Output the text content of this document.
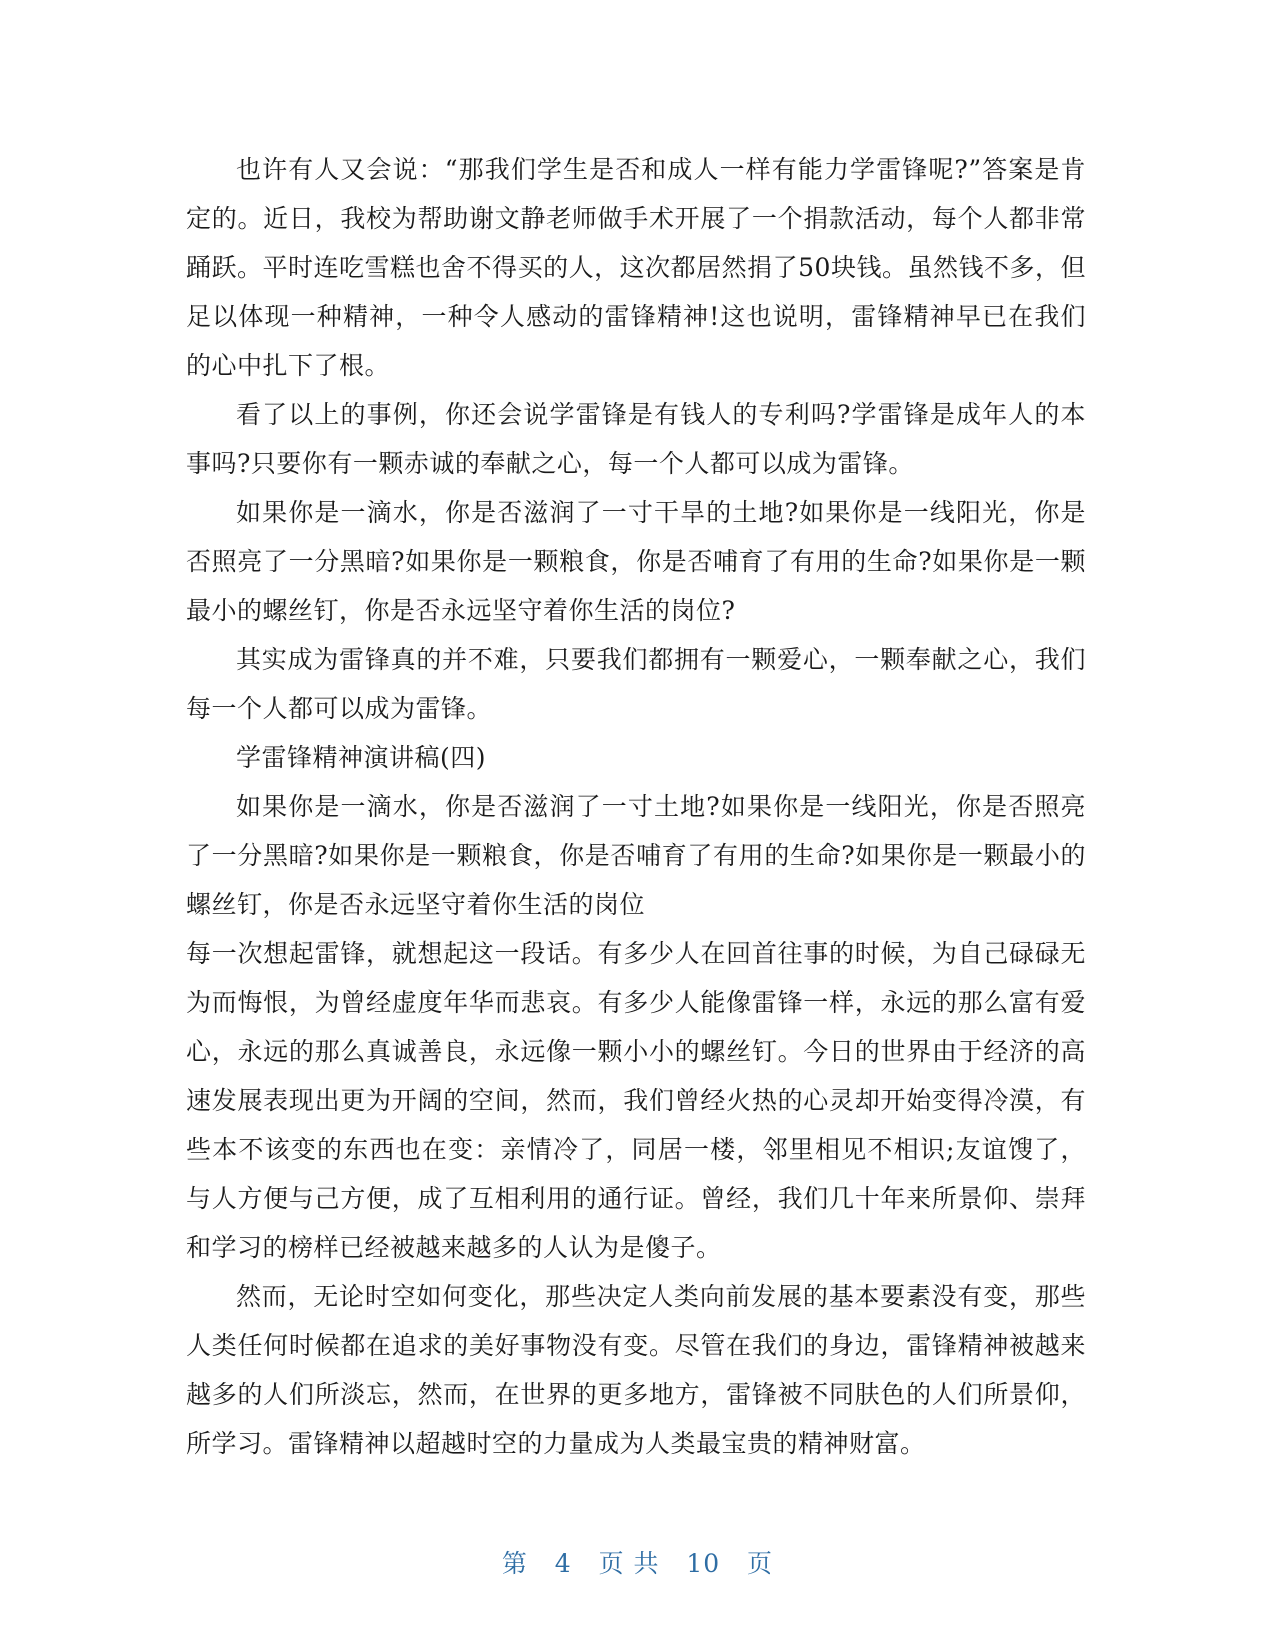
也许有人又会说：“那我们学生是否和成人一样有能力学雷锋呢?”答案是肯定的。近日，我校为帮助谢文静老师做手术开展了一个捐款活动，每个人都非常踊跃。平时连吃雪糕也舍不得买的人，这次都居然捐了50块钱。虽然钱不多，但足以体现一种精神，一种令人感动的雷锋精神!这也说明，雷锋精神早已在我们的心中扎下了根。

看了以上的事例，你还会说学雷锋是有钱人的专利吗?学雷锋是成年人的本事吗?只要你有一颗赤诚的奉献之心，每一个人都可以成为雷锋。

如果你是一滴水，你是否滋润了一寸干旱的土地?如果你是一线阳光，你是否照亮了一分黑暗?如果你是一颗粮食，你是否哺育了有用的生命?如果你是一颗最小的螺丝钉，你是否永远坚守着你生活的岗位?

其实成为雷锋真的并不难，只要我们都拥有一颗爱心，一颗奉献之心，我们每一个人都可以成为雷锋。

学雷锋精神演讲稿(四)

如果你是一滴水，你是否滋润了一寸土地?如果你是一线阳光，你是否照亮了一分黑暗?如果你是一颗粮食，你是否哺育了有用的生命?如果你是一颗最小的螺丝钉，你是否永远坚守着你生活的岗位

每一次想起雷锋，就想起这一段话。有多少人在回首往事的时候，为自己碌碌无为而悔恨，为曾经虚度年华而悲哀。有多少人能像雷锋一样，永远的那么富有爱心，永远的那么真诚善良，永远像一颗小小的螺丝钉。今日的世界由于经济的高速发展表现出更为开阔的空间，然而，我们曾经火热的心灵却开始变得冷漠，有些本不该变的东西也在变：亲情冷了，同居一楼，邻里相见不相识;友谊馊了，与人方便与己方便，成了互相利用的通行证。曾经，我们几十年来所景仰、崇拜和学习的榜样已经被越来越多的人认为是傻子。

然而，无论时空如何变化，那些决定人类向前发展的基本要素没有变，那些人类任何时候都在追求的美好事物没有变。尽管在我们的身边，雷锋精神被越来越多的人们所淡忘，然而，在世界的更多地方，雷锋被不同肤色的人们所景仰，所学习。雷锋精神以超越时空的力量成为人类最宝贵的精神财富。

第 4 页 共 10 页
